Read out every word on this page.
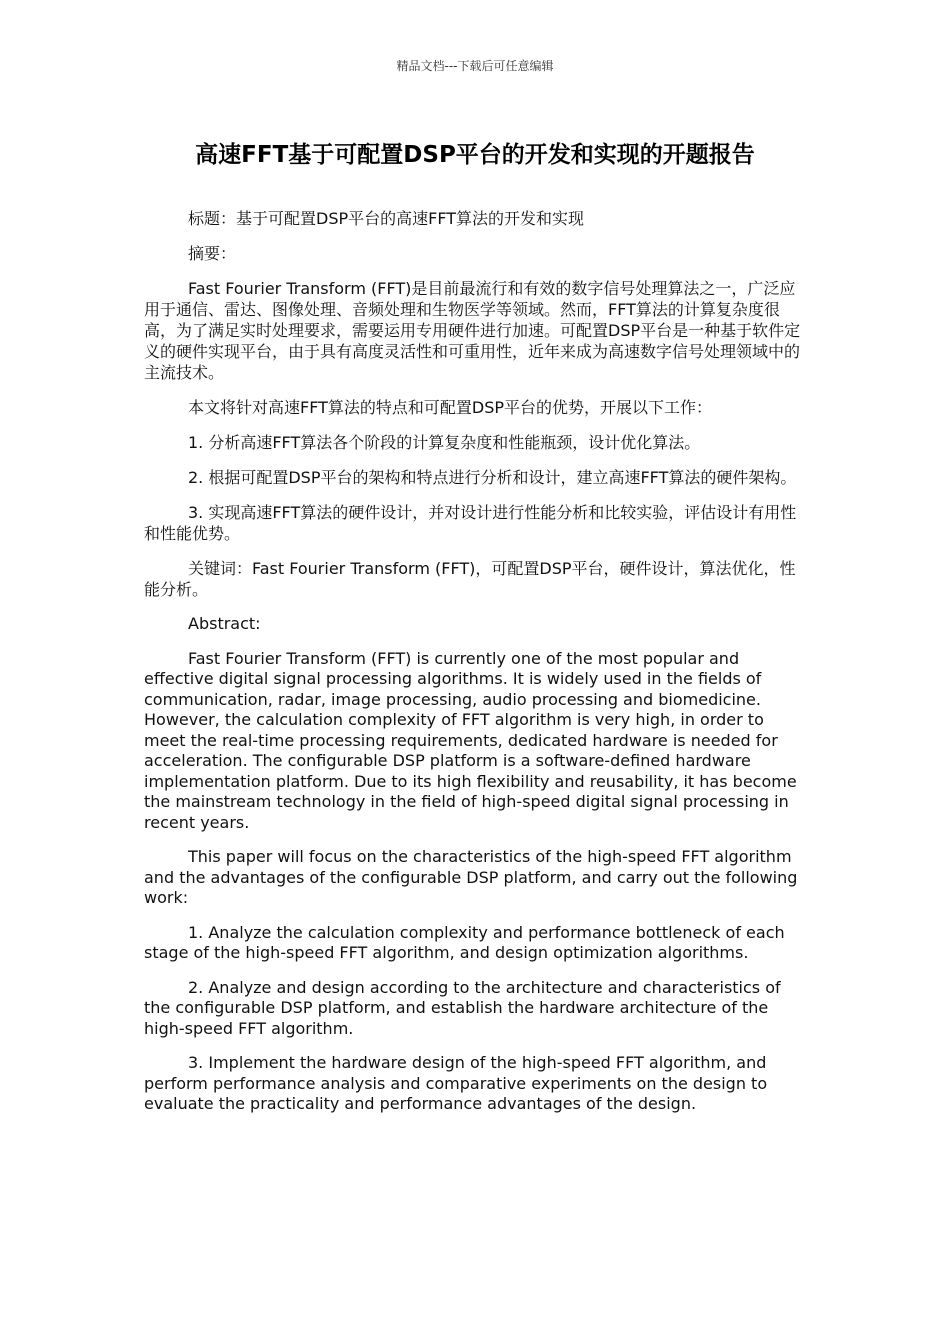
精品文档---下载后可任意编辑
高速FFT基于可配置DSP平台的开发和实现的开题报告

标题：基于可配置DSP平台的高速FFT算法的开发和实现

摘要：

Fast Fourier Transform (FFT)是目前最流行和有效的数字信号处理算法之一，广泛应用于通信、雷达、图像处理、音频处理和生物医学等领域。然而，FFT算法的计算复杂度很高，为了满足实时处理要求，需要运用专用硬件进行加速。可配置DSP平台是一种基于软件定义的硬件实现平台，由于具有高度灵活性和可重用性，近年来成为高速数字信号处理领域中的主流技术。

本文将针对高速FFT算法的特点和可配置DSP平台的优势，开展以下工作：

1. 分析高速FFT算法各个阶段的计算复杂度和性能瓶颈，设计优化算法。

2. 根据可配置DSP平台的架构和特点进行分析和设计，建立高速FFT算法的硬件架构。

3. 实现高速FFT算法的硬件设计，并对设计进行性能分析和比较实验，评估设计有用性和性能优势。

关键词：Fast Fourier Transform (FFT)，可配置DSP平台，硬件设计，算法优化，性能分析。

Abstract:

Fast Fourier Transform (FFT) is currently one of the most popular and effective digital signal processing algorithms. It is widely used in the fields of communication, radar, image processing, audio processing and biomedicine. However, the calculation complexity of FFT algorithm is very high, in order to meet the real-time processing requirements, dedicated hardware is needed for acceleration. The configurable DSP platform is a software-defined hardware implementation platform. Due to its high flexibility and reusability, it has become the mainstream technology in the field of high-speed digital signal processing in recent years.

This paper will focus on the characteristics of the high-speed FFT algorithm and the advantages of the configurable DSP platform, and carry out the following work:

1. Analyze the calculation complexity and performance bottleneck of each stage of the high-speed FFT algorithm, and design optimization algorithms.

2. Analyze and design according to the architecture and characteristics of the configurable DSP platform, and establish the hardware architecture of the high-speed FFT algorithm.

3. Implement the hardware design of the high-speed FFT algorithm, and perform performance analysis and comparative experiments on the design to evaluate the practicality and performance advantages of the design.
